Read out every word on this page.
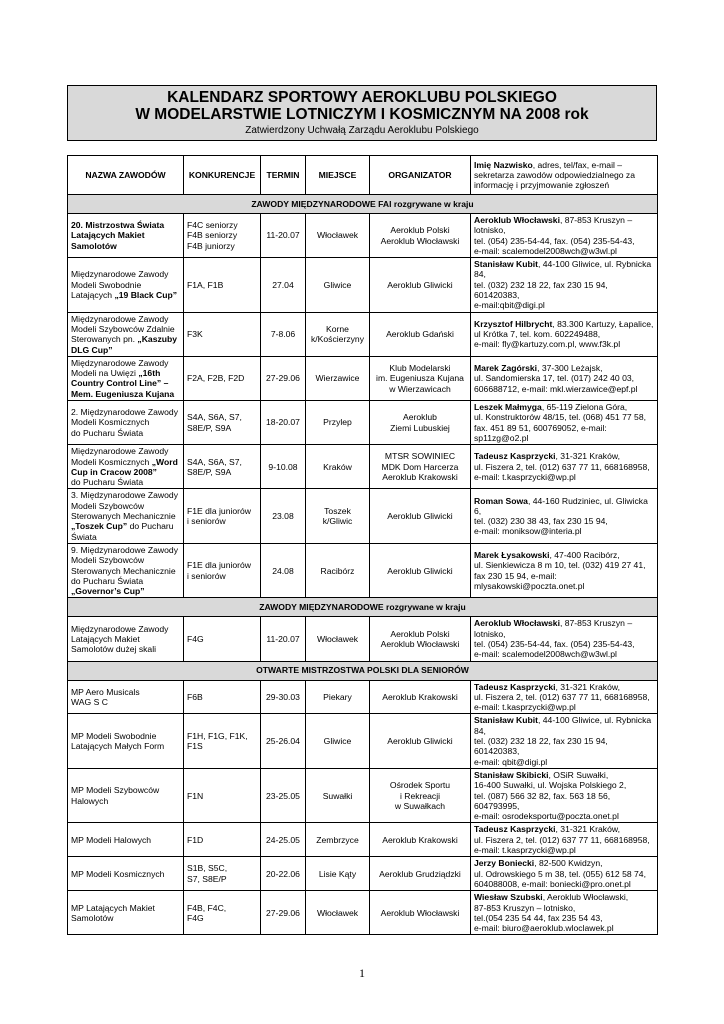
KALENDARZ SPORTOWY AEROKLUBU POLSKIEGO
W MODELARSTWIE LOTNICZYM I KOSMICZNYM NA 2008 rok
Zatwierdzony Uchwałą Zarządu Aeroklubu Polskiego
NAZWA ZAWODÓW	KONKURENCJE	TERMIN	MIEJSCE	ORGANIZATOR	Imię Nazwisko, adres, tel/fax, e-mail – sekretarza zawodów odpowiedzialnego za informację i przyjmowanie zgłoszeń
ZAWODY MIĘDZYNARODOWE FAI rozgrywane w kraju					
20. Mistrzostwa Świata Latających Makiet Samolotów	F4C seniorzy
F4B seniorzy
F4B juniorzy	11-20.07	Włocławek	Aeroklub Polski
Aeroklub Włocławski	Aeroklub Włocławski, 87-853 Kruszyn – lotnisko,
tel. (054) 235-54-44, fax. (054) 235-54-43,
e-mail: scalemodel2008wch@w3wl.pl
Międzynarodowe Zawody Modeli Swobodnie Latających „19 Black Cup”	F1A, F1B	27.04	Gliwice	Aeroklub Gliwicki	Stanisław Kubit, 44-100 Gliwice, ul. Rybnicka 84,
tel. (032) 232 18 22, fax 230 15 94, 601420383,
e-mail:qbit@digi.pl
Międzynarodowe Zawody Modeli Szybowców Zdalnie Sterowanych pn. „Kaszuby DLG Cup”	F3K	7-8.06	Korne
k/Kościerzyny	Aeroklub Gdański	Krzysztof Hilbrycht, 83.300 Kartuzy, Łapalice,
ul Krótka 7, tel. kom. 602249488,
e-mail: fly@kartuzy.com.pl, www.f3k.pl
Międzynarodowe Zawody Modeli na Uwięzi „16th Country Control Line” – Mem. Eugeniusza Kujana	F2A, F2B, F2D	27-29.06	Wierzawice	Klub Modelarski
im. Eugeniusza Kujana
w Wierzawicach	Marek Zagórski, 37-300 Leżajsk,
ul. Sandomierska 17, tel. (017) 242 40 03,
606688712, e-mail: mkl.wierzawice@epf.pl
2. Międzynarodowe Zawody Modeli Kosmicznych
do Pucharu Świata	S4A, S6A, S7,
S8E/P, S9A	18-20.07	Przylep	Aeroklub
Ziemi Lubuskiej	Leszek Małmyga, 65-119 Zielona Góra,
ul. Konstruktorów 48/15, tel. (068) 451 77 58,
fax. 451 89 51, 600769052, e-mail: sp11zg@o2.pl
Międzynarodowe Zawody Modeli Kosmicznych „Word Cup in Cracow 2008”
do Pucharu Świata	S4A, S6A, S7,
S8E/P, S9A	9-10.08	Kraków	MTSR SOWINIEC
MDK Dom Harcerza
Aeroklub Krakowski	Tadeusz Kasprzycki, 31-321 Kraków,
ul. Fiszera 2, tel. (012) 637 77 11, 668168958,
e-mail: t.kasprzycki@wp.pl
3. Międzynarodowe Zawody Modeli Szybowców Sterowanych Mechanicznie
„Toszek Cup” do Pucharu Świata	F1E dla juniorów
i seniorów	23.08	Toszek
k/Gliwic	Aeroklub Gliwicki	Roman Sowa, 44-160 Rudziniec, ul. Gliwicka 6,
tel. (032) 230 38 43, fax 230 15 94,
e-mail: moniksow@interia.pl
9. Międzynarodowe Zawody Modeli Szybowców Sterowanych Mechanicznie do Pucharu Świata
„Governor’s Cup”	F1E dla juniorów
i seniorów	24.08	Racibórz	Aeroklub Gliwicki	Marek Łysakowski, 47-400 Racibórz,
ul. Sienkiewicza 8 m 10, tel. (032) 419 27 41,
fax 230 15 94, e-mail: mlysakowski@poczta.onet.pl
ZAWODY MIĘDZYNARODOWE rozgrywane w kraju					
Międzynarodowe Zawody Latających Makiet Samolotów dużej skali	F4G	11-20.07	Włocławek	Aeroklub Polski
Aeroklub Włocławski	Aeroklub Włocławski, 87-853 Kruszyn – lotnisko,
tel. (054) 235-54-44, fax. (054) 235-54-43,
e-mail: scalemodel2008wch@w3wl.pl
OTWARTE MISTRZOSTWA POLSKI DLA SENIORÓW					
MP Aero Musicals
WAG S C	F6B	29-30.03	Piekary	Aeroklub Krakowski	Tadeusz Kasprzycki, 31-321 Kraków,
ul. Fiszera 2, tel. (012) 637 77 11, 668168958,
e-mail: t.kasprzycki@wp.pl
MP Modeli Swobodnie Latających Małych Form	F1H, F1G, F1K,
F1S	25-26.04	Gliwice	Aeroklub Gliwicki	Stanisław Kubit, 44-100 Gliwice, ul. Rybnicka 84,
tel. (032) 232 18 22, fax 230 15 94, 601420383,
e-mail: qbit@digi.pl
MP Modeli Szybowców Halowych	F1N	23-25.05	Suwałki	Ośrodek Sportu
i Rekreacji
w Suwałkach	Stanisław Skibicki, OSiR Suwałki,
16-400 Suwałki, ul. Wojska Polskiego 2,
tel. (087) 566 32 82, fax. 563 18 56, 604793995,
e-mail: osrodeksportu@poczta.onet.pl
MP Modeli Halowych	F1D	24-25.05	Zembrzyce	Aeroklub Krakowski	Tadeusz Kasprzycki, 31-321 Kraków,
ul. Fiszera 2, tel. (012) 637 77 11, 668168958,
e-mail: t.kasprzycki@wp.pl
MP Modeli Kosmicznych	S1B, S5C,
S7, S8E/P	20-22.06	Lisie Kąty	Aeroklub Grudziądzki	Jerzy Boniecki, 82-500 Kwidzyn,
ul. Odrowskiego 5 m 38, tel. (055) 612 58 74,
604088008, e-mail: boniecki@pro.onet.pl
MP Latających Makiet Samolotów	F4B, F4C,
F4G	27-29.06	Włocławek	Aeroklub Włocławski	Wiesław Szubski, Aeroklub Włocławski,
87-853 Kruszyn – lotnisko,
tel.(054 235 54 44, fax 235 54 43,
e-mail: biuro@aeroklub.wloclawek.pl
1
